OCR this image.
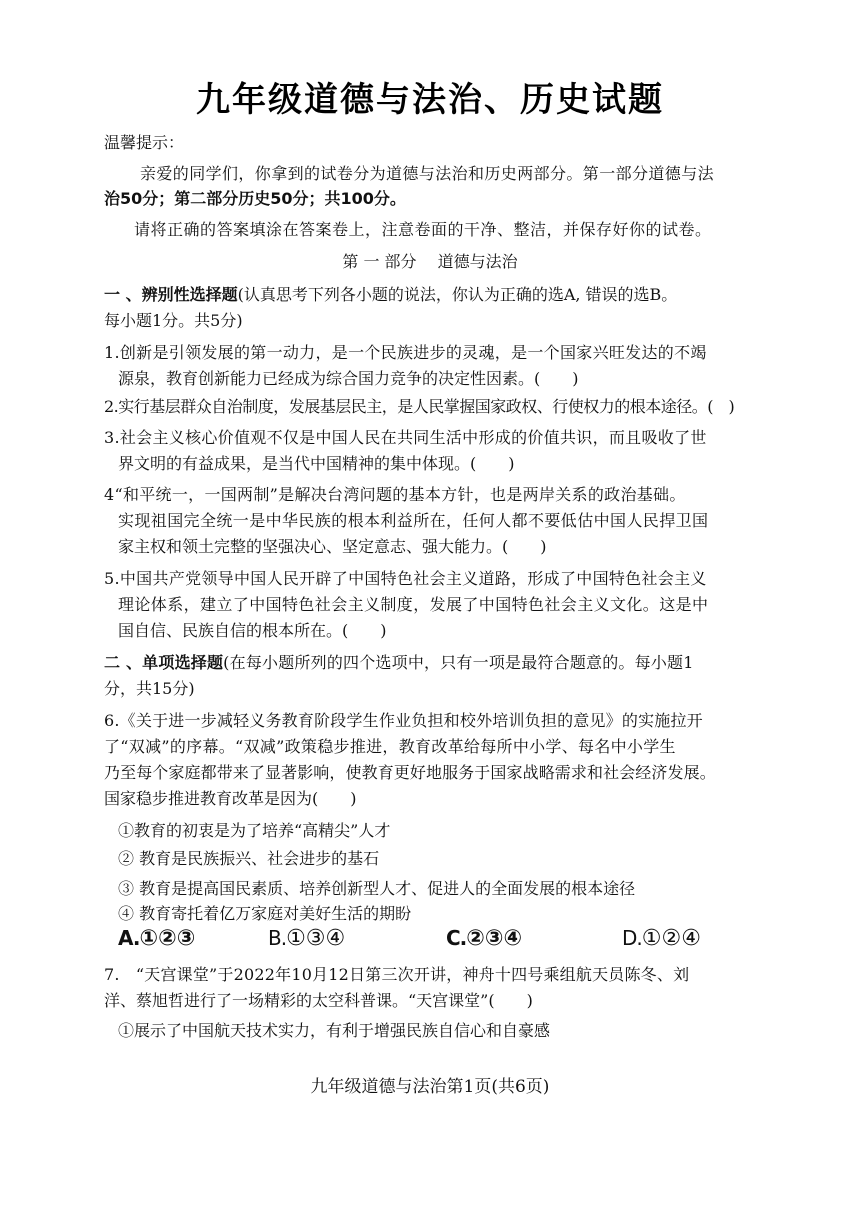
九年级道德与法治、历史试题
温馨提示：
亲爱的同学们，你拿到的试卷分为道德与法治和历史两部分。第一部分道德与法
治50分；第二部分历史50分；共100分。
请将正确的答案填涂在答案卷上，注意卷面的干净、整洁，并保存好你的试卷。
第 一 部分　 道德与法治
一 、辨别性选择题(认真思考下列各小题的说法，你认为正确的选A, 错误的选B。
每小题1分。共5分)
1.创新是引领发展的第一动力，是一个民族进步的灵魂，是一个国家兴旺发达的不竭
源泉，教育创新能力已经成为综合国力竞争的决定性因素。(　　)
2.实行基层群众自治制度，发展基层民主，是人民掌握国家政权、行使权力的根本途径。(　)
3.社会主义核心价值观不仅是中国人民在共同生活中形成的价值共识，而且吸收了世
界文明的有益成果，是当代中国精神的集中体现。(　　)
4“和平统一，一国两制”是解决台湾问题的基本方针，也是两岸关系的政治基础。
实现祖国完全统一是中华民族的根本利益所在，任何人都不要低估中国人民捍卫国
家主权和领土完整的坚强决心、坚定意志、强大能力。(　　)
5.中国共产党领导中国人民开辟了中国特色社会主义道路，形成了中国特色社会主义
理论体系，建立了中国特色社会主义制度，发展了中国特色社会主义文化。这是中
国自信、民族自信的根本所在。(　　)
二 、单项选择题(在每小题所列的四个选项中，只有一项是最符合题意的。每小题1
分，共15分)
6.《关于进一步减轻义务教育阶段学生作业负担和校外培训负担的意见》的实施拉开
了“双减”的序幕。“双减”政策稳步推进，教育改革给每所中小学、每名中小学生
乃至每个家庭都带来了显著影响，使教育更好地服务于国家战略需求和社会经济发展。
国家稳步推进教育改革是因为(　　)
①教育的初衷是为了培养“高精尖”人才
② 教育是民族振兴、社会进步的基石
③ 教育是提高国民素质、培养创新型人才、促进人的全面发展的根本途径
④ 教育寄托着亿万家庭对美好生活的期盼
A.①②③	B.①③④	C.②③④	D.①②④
7.　“天宫课堂”于2022年10月12日第三次开讲，神舟十四号乘组航天员陈冬、刘
洋、蔡旭哲进行了一场精彩的太空科普课。“天宫课堂”(　　)
①展示了中国航天技术实力，有利于增强民族自信心和自豪感
九年级道德与法治第1页(共6页)
